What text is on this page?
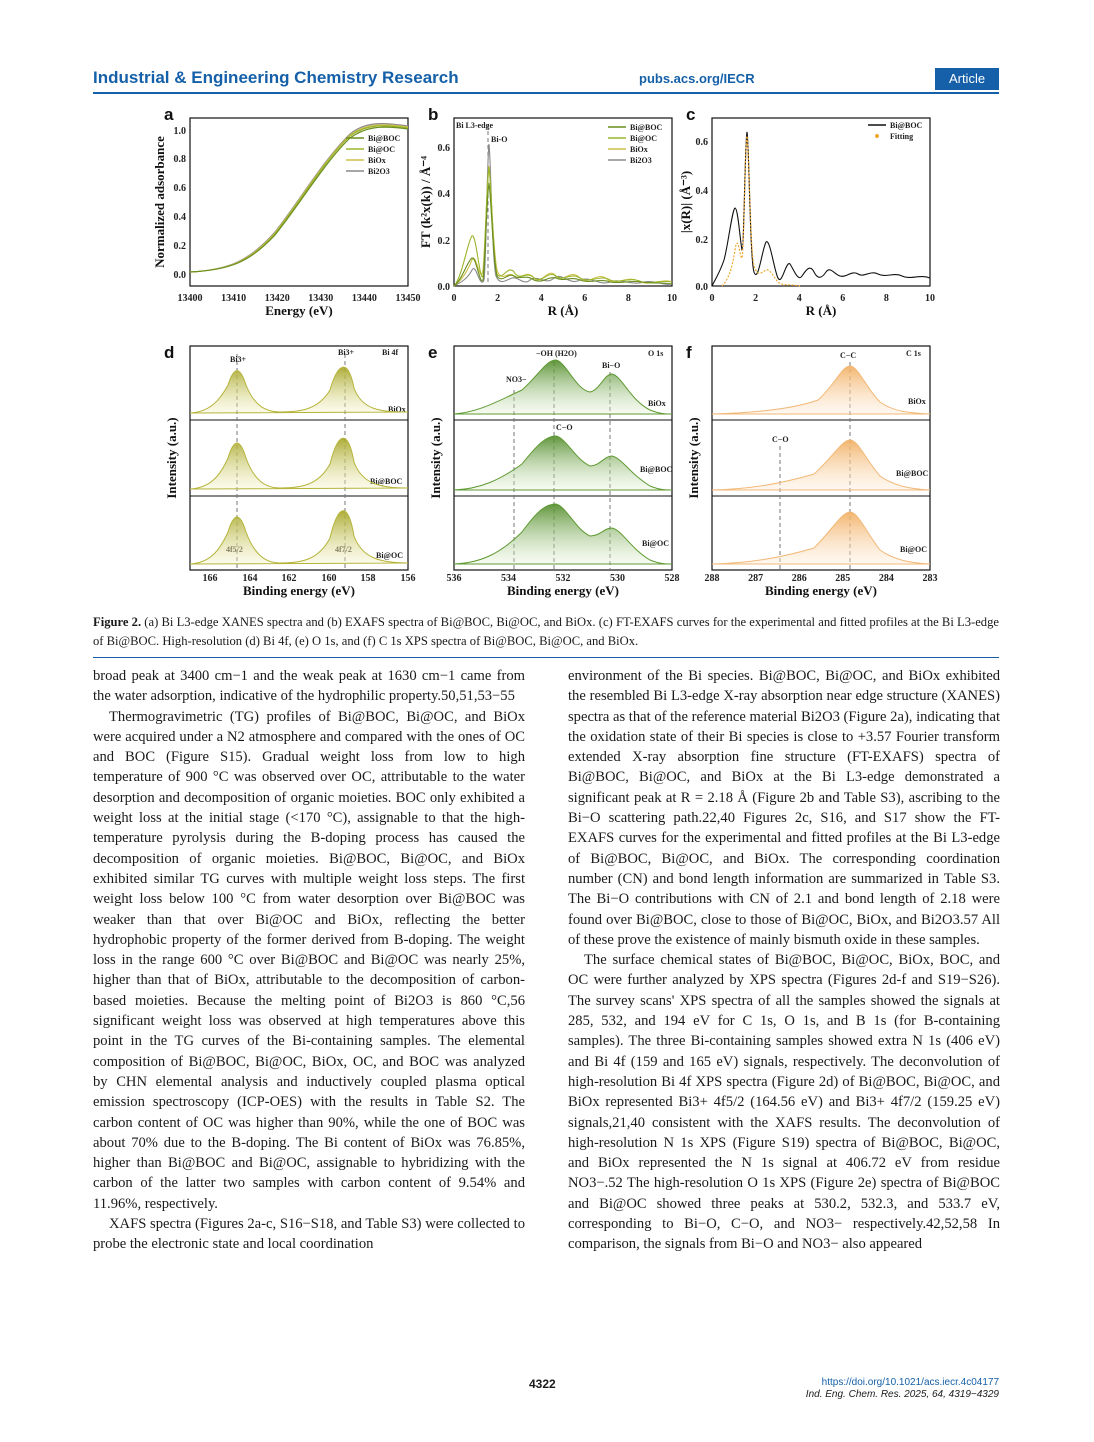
Industrial & Engineering Chemistry Research	pubs.acs.org/IECR	Article
a
13400 13410 13420 13430 13440 13450
0.0
0.2
0.4
0.6
0.8
1.0
Energy (eV)
Normalized adsorbance	Bi@BOC
Bi@OC
BiOx
Bi2O3
b
0	2	4	6	8	10
0.0
0.2
0.4
0.6
R (Å)
FT (k²x(k)) / Å⁻⁴
Bi L3-edge
Bi-O
Bi@BOC
Bi@OC
BiOx
Bi2O3
c
0	2	4	6	8	10
0.0
0.2
0.4
0.6
R (Å)
|x(R)| (Å⁻³)
Bi@BOC
Fitting
d
166	164 162	160 158	156
Binding energy (eV)
Intensity (a.u.)
Bi 4f
Bi3+
Bi3+
BiOx
Bi@BOC
Bi@OC
e
536	534	532	530	528
Binding energy (eV)
Intensity (a.u.)
O 1s
NO3−
−OH (H2O)
Bi−O
C−O
BiOx
Bi@BOC
Bi@OC
f
288	287	286	285	284	283
Binding energy (eV)
Intensity (a.u.)
C 1s
C−C
C−O
BiOx
Bi@BOC
Bi@OC
Figure 2. (a) Bi L3-edge XANES spectra and (b) EXAFS spectra of Bi@BOC, Bi@OC, and BiOx. (c) FT-EXAFS curves for the experimental and fitted profiles at the Bi L3-edge of Bi@BOC. High-resolution (d) Bi 4f, (e) O 1s, and (f) C 1s XPS spectra of Bi@BOC, Bi@OC, and BiOx.

broad peak at 3400 cm−1 and the weak peak at 1630 cm−1 came from the water adsorption, indicative of the hydrophilic property.50,51,53−55

Thermogravimetric (TG) profiles of Bi@BOC, Bi@OC, and BiOx were acquired under a N2 atmosphere and compared with the ones of OC and BOC (Figure S15). Gradual weight loss from low to high temperature of 900 °C was observed over OC, attributable to the water desorption and decomposition of organic moieties. BOC only exhibited a weight loss at the initial stage (<170 °C), assignable to that the high-temperature pyrolysis during the B-doping process has caused the decomposition of organic moieties. Bi@BOC, Bi@OC, and BiOx exhibited similar TG curves with multiple weight loss steps. The first weight loss below 100 °C from water desorption over Bi@BOC was weaker than that over Bi@OC and BiOx, reflecting the better hydrophobic property of the former derived from B-doping. The weight loss in the range 600 °C over Bi@BOC and Bi@OC was nearly 25%, higher than that of BiOx, attributable to the decomposition of carbon-based moieties. Because the melting point of Bi2O3 is 860 °C,56 significant weight loss was observed at high temperatures above this point in the TG curves of the Bi-containing samples. The elemental composition of Bi@BOC, Bi@OC, BiOx, OC, and BOC was analyzed by CHN elemental analysis and inductively coupled plasma optical emission spectroscopy (ICP-OES) with the results in Table S2. The carbon content of OC was higher than 90%, while the one of BOC was about 70% due to the B-doping. The Bi content of BiOx was 76.85%, higher than Bi@BOC and Bi@OC, assignable to hybridizing with the carbon of the latter two samples with carbon content of 9.54% and 11.96%, respectively.

XAFS spectra (Figures 2a-c, S16−S18, and Table S3) were collected to probe the electronic state and local coordination

environment of the Bi species. Bi@BOC, Bi@OC, and BiOx exhibited the resembled Bi L3-edge X-ray absorption near edge structure (XANES) spectra as that of the reference material Bi2O3 (Figure 2a), indicating that the oxidation state of their Bi species is close to +3.57 Fourier transform extended X-ray absorption fine structure (FT-EXAFS) spectra of Bi@BOC, Bi@OC, and BiOx at the Bi L3-edge demonstrated a significant peak at R = 2.18 Å (Figure 2b and Table S3), ascribing to the Bi−O scattering path.22,40 Figures 2c, S16, and S17 show the FT-EXAFS curves for the experimental and fitted profiles at the Bi L3-edge of Bi@BOC, Bi@OC, and BiOx. The corresponding coordination number (CN) and bond length information are summarized in Table S3. The Bi−O contributions with CN of 2.1 and bond length of 2.18 were found over Bi@BOC, close to those of Bi@OC, BiOx, and Bi2O3.57 All of these prove the existence of mainly bismuth oxide in these samples.

The surface chemical states of Bi@BOC, Bi@OC, BiOx, BOC, and OC were further analyzed by XPS spectra (Figures 2d-f and S19−S26). The survey scans' XPS spectra of all the samples showed the signals at 285, 532, and 194 eV for C 1s, O 1s, and B 1s (for B-containing samples). The three Bi-containing samples showed extra N 1s (406 eV) and Bi 4f (159 and 165 eV) signals, respectively. The deconvolution of high-resolution Bi 4f XPS spectra (Figure 2d) of Bi@BOC, Bi@OC, and BiOx represented Bi3+ 4f5/2 (164.56 eV) and Bi3+ 4f7/2 (159.25 eV) signals,21,40 consistent with the XAFS results. The deconvolution of high-resolution N 1s XPS (Figure S19) spectra of Bi@BOC, Bi@OC, and BiOx represented the N 1s signal at 406.72 eV from residue NO3−.52 The high-resolution O 1s XPS (Figure 2e) spectra of Bi@BOC and Bi@OC showed three peaks at 530.2, 532.3, and 533.7 eV, corresponding to Bi−O, C−O, and NO3− respectively.42,52,58 In comparison, the signals from Bi−O and NO3− also appeared

4322	https://doi.org/10.1021/acs.iecr.4c04177
Ind. Eng. Chem. Res. 2025, 64, 4319−4329
